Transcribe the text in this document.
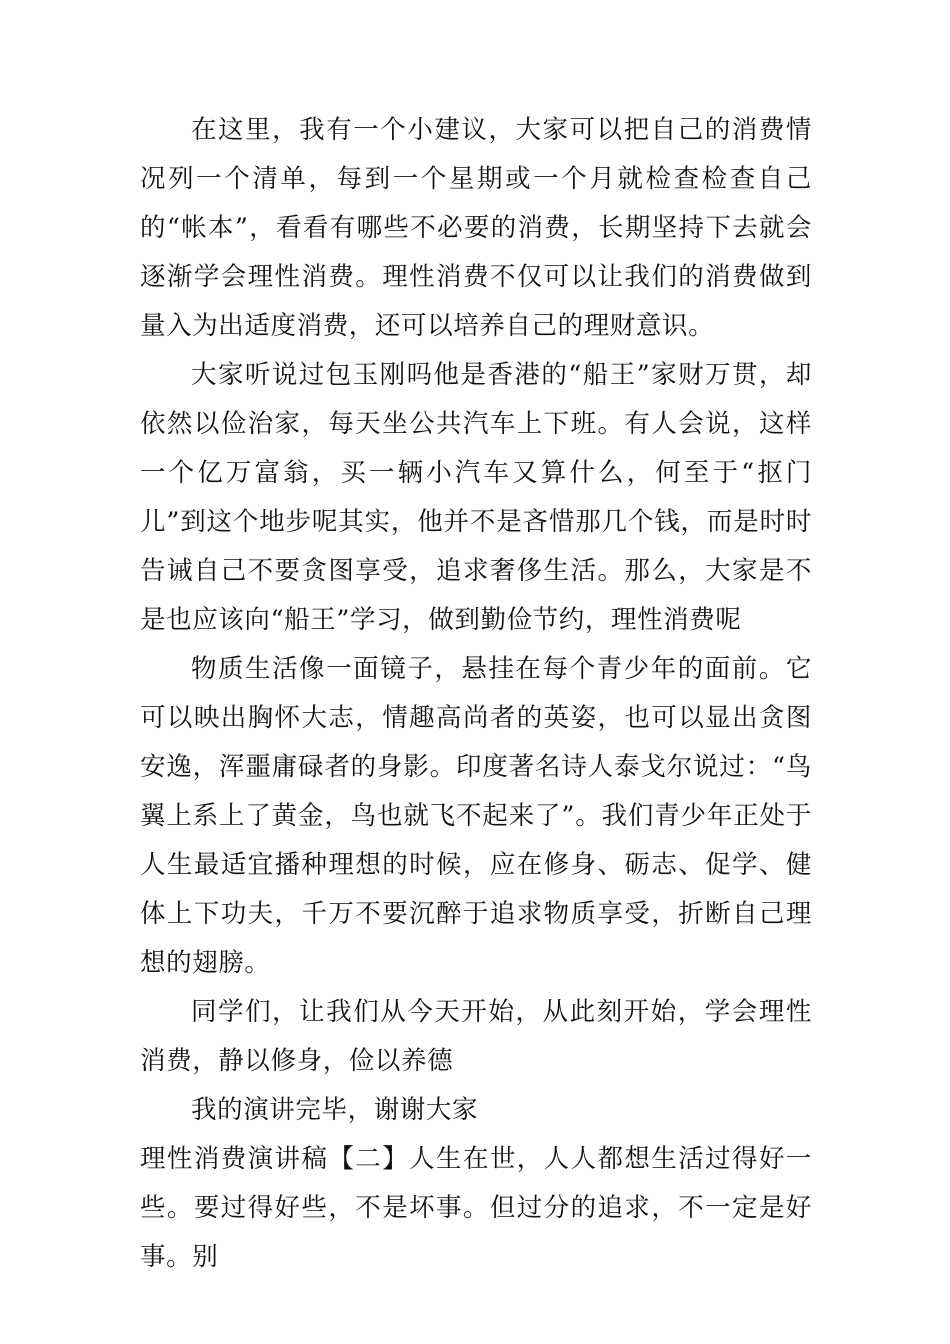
在这里，我有一个小建议，大家可以把自己的消费情况列一个清单，每到一个星期或一个月就检查检查自己的“帐本”，看看有哪些不必要的消费，长期坚持下去就会逐渐学会理性消费。理性消费不仅可以让我们的消费做到量入为出适度消费，还可以培养自己的理财意识。

大家听说过包玉刚吗他是香港的“船王”家财万贯，却依然以俭治家，每天坐公共汽车上下班。有人会说，这样一个亿万富翁，买一辆小汽车又算什么，何至于“抠门儿”到这个地步呢其实，他并不是吝惜那几个钱，而是时时告诫自己不要贪图享受，追求奢侈生活。那么，大家是不是也应该向“船王”学习，做到勤俭节约，理性消费呢

物质生活像一面镜子，悬挂在每个青少年的面前。它可以映出胸怀大志，情趣高尚者的英姿，也可以显出贪图安逸，浑噩庸碌者的身影。印度著名诗人泰戈尔说过：“鸟翼上系上了黄金，鸟也就飞不起来了”。我们青少年正处于人生最适宜播种理想的时候，应在修身、砺志、促学、健体上下功夫，千万不要沉醉于追求物质享受，折断自己理想的翅膀。

同学们，让我们从今天开始，从此刻开始，学会理性消费，静以修身，俭以养德

我的演讲完毕，谢谢大家

理性消费演讲稿【二】人生在世，人人都想生活过得好一些。要过得好些，不是坏事。但过分的追求，不一定是好事。别
